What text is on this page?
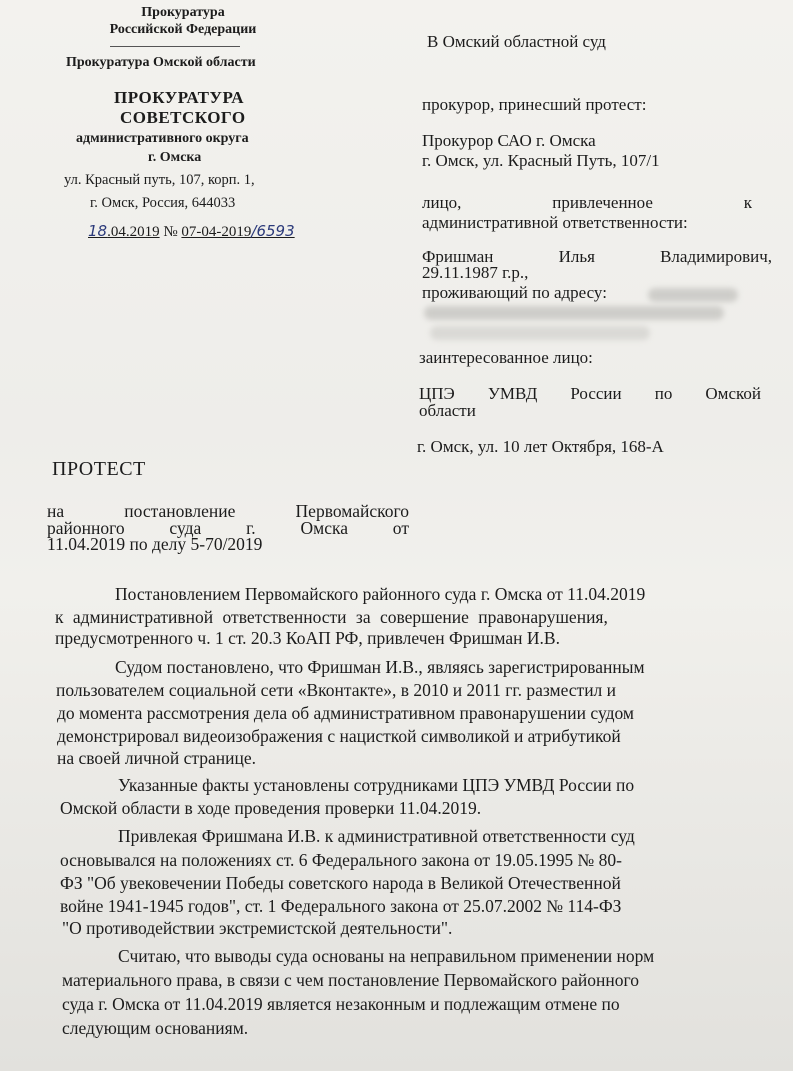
Прокуратура
Российской Федерации
Прокуратура Омской области
ПРОКУРАТУРА
СОВЕТСКОГО
административного округа
г. Омска
ул. Красный путь, 107, корп. 1,
г. Омск, Россия, 644033
18.04.2019 № 07-04-2019/6593
В Омский областной суд
прокурор, принесший протест:
Прокурор САО г. Омска
г. Омск, ул. Красный Путь, 107/1
лицо,	привлеченное	к
административной ответственности:
Фришман	Илья	Владимирович,
29.11.1987 г.р.,
проживающий по адресу:
заинтересованное лицо:
ЦПЭ УМВД России по Омской
области
г. Омск, ул. 10 лет Октября, 168-А
ПРОТЕСТ
на	постановление	Первомайского
районного	суда	г.	Омска	от
11.04.2019 по делу 5-70/2019
Постановлением Первомайского районного суда г. Омска от 11.04.2019
к административной ответственности за совершение правонарушения,
предусмотренного ч. 1 ст. 20.3 КоАП РФ, привлечен Фришман И.В.
Судом постановлено, что Фришман И.В., являясь зарегистрированным
пользователем социальной сети «Вконтакте», в 2010 и 2011 гг. разместил и
до момента рассмотрения дела об административном правонарушении судом
демонстрировал видеоизображения с нацисткой символикой и атрибутикой
на своей личной странице.
Указанные факты установлены сотрудниками ЦПЭ УМВД России по
Омской области в ходе проведения проверки 11.04.2019.
Привлекая Фришмана И.В. к административной ответственности суд
основывался на положениях ст. 6 Федерального закона от 19.05.1995 № 80-
ФЗ "Об увековечении Победы советского народа в Великой Отечественной
войне 1941-1945 годов", ст. 1 Федерального закона от 25.07.2002 № 114-ФЗ
"О противодействии экстремистской деятельности".
Считаю, что выводы суда основаны на неправильном применении норм
материального права, в связи с чем постановление Первомайского районного
суда г. Омска от 11.04.2019 является незаконным и подлежащим отмене по
следующим основаниям.
